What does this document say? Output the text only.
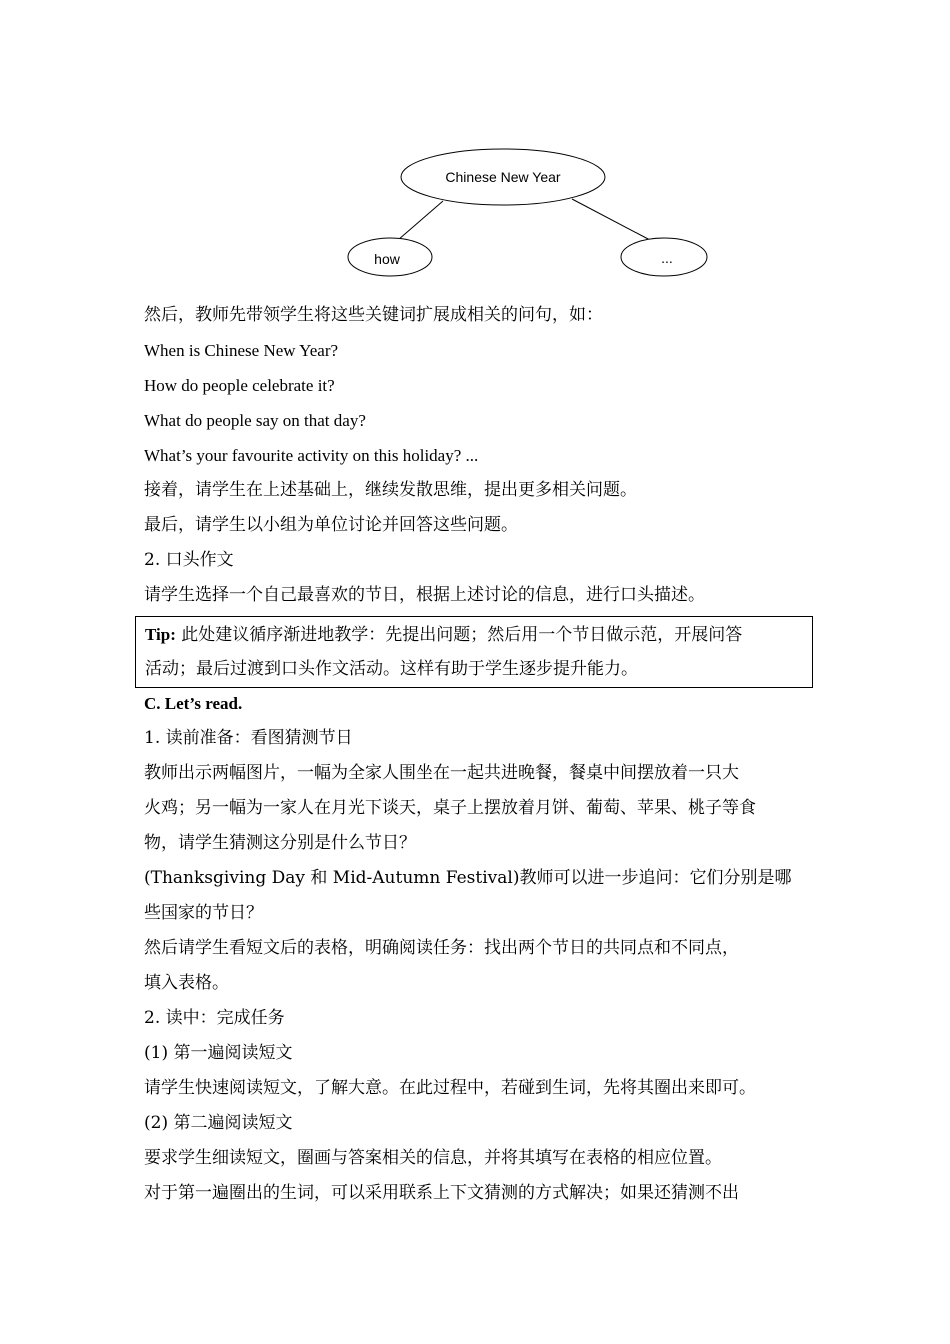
Chinese New Year
how	...
然后，教师先带领学生将这些关键词扩展成相关的问句，如：
When is Chinese New Year?
How do people celebrate it?
What do people say on that day?
What’s your favourite activity on this holiday? ...
接着，请学生在上述基础上，继续发散思维，提出更多相关问题。
最后，请学生以小组为单位讨论并回答这些问题。
2. 口头作文
请学生选择一个自己最喜欢的节日，根据上述讨论的信息，进行口头描述。
Tip: 此处建议循序渐进地教学：先提出问题；然后用一个节日做示范，开展问答
活动；最后过渡到口头作文活动。这样有助于学生逐步提升能力。
C. Let’s read.
1. 读前准备：看图猜测节日
教师出示两幅图片，一幅为全家人围坐在一起共进晚餐，餐桌中间摆放着一只大
火鸡；另一幅为一家人在月光下谈天，桌子上摆放着月饼、葡萄、苹果、桃子等食
物，请学生猜测这分别是什么节日？
(Thanksgiving Day 和 Mid-Autumn Festival)教师可以进一步追问：它们分别是哪
些国家的节日？
然后请学生看短文后的表格，明确阅读任务：找出两个节日的共同点和不同点，
填入表格。
2. 读中：完成任务
(1) 第一遍阅读短文
请学生快速阅读短文，了解大意。在此过程中，若碰到生词，先将其圈出来即可。
(2) 第二遍阅读短文
要求学生细读短文，圈画与答案相关的信息，并将其填写在表格的相应位置。
对于第一遍圈出的生词，可以采用联系上下文猜测的方式解决；如果还猜测不出
